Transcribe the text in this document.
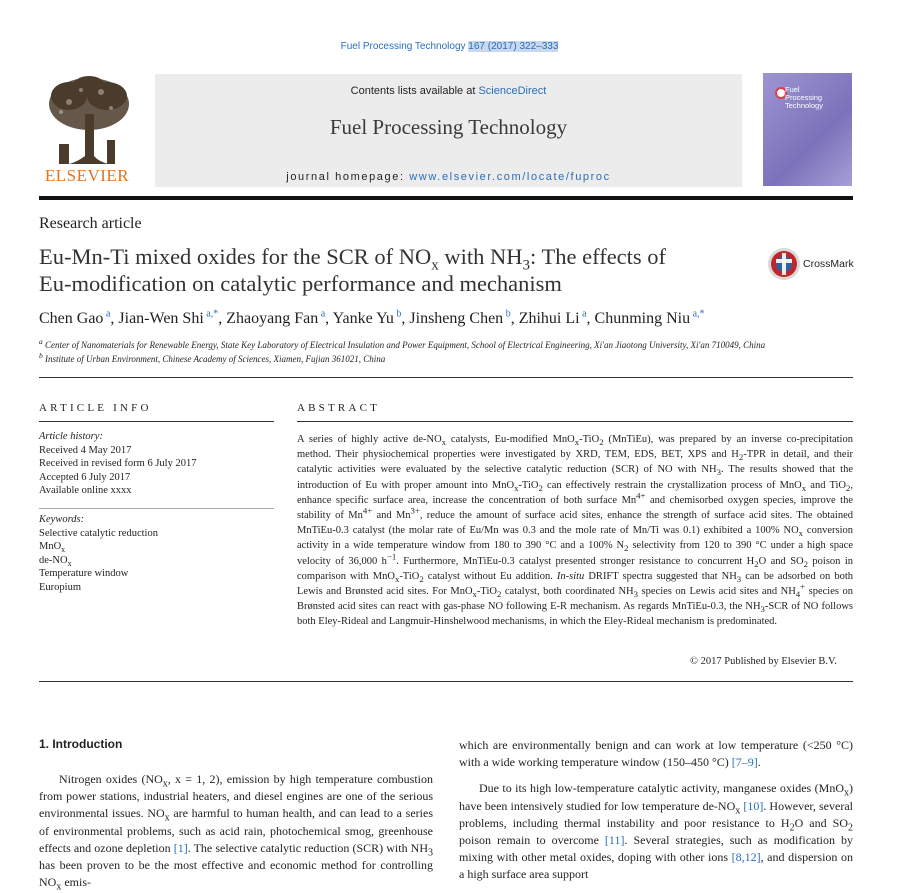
Fuel Processing Technology 167 (2017) 322–333
ELSEVIER
Contents lists available at ScienceDirect
Fuel Processing Technology
journal homepage: www.elsevier.com/locate/fuproc
Fuel
Processing
Technology
Research article
Eu-Mn-Ti mixed oxides for the SCR of $NO_x$ with $NH_3$: The effects of
Eu-modification on catalytic performance and mechanism
CrossMark
Chen Gao $^a$, Jian-Wen Shi $^{a,*}$, Zhaoyang Fan $^a$, Yanke Yu $^b$, Jinsheng Chen $^b$, Zhihui Li $^a$, Chunming Niu $^{a,*}$
$^a$ Center of Nanomaterials for Renewable Energy, State Key Laboratory of Electrical Insulation and Power Equipment, School of Electrical Engineering, Xi'an Jiaotong University, Xi'an 710049, China
$^b$ Institute of Urban Environment, Chinese Academy of Sciences, Xiamen, Fujian 361021, China
ARTICLE INFO	ABSTRACT
Article history:
Received 4 May 2017
Received in revised form 6 July 2017
Accepted 6 July 2017
Available online xxxx
Keywords:
Selective catalytic reduction
MnO$_x$
$de-NO_x$
Temperature window
Europium
A series of highly active $de-NO_x$ catalysts, Eu-modified MnO$_x$-TiO$_2$ (MnTiEu), was prepared by an inverse co-precipitation method. Their physiochemical properties were investigated by XRD, TEM, EDS, BET, XPS and $H_2$-TPR in detail, and their catalytic activities were evaluated by the selective catalytic reduction (SCR) of NO with $NH_3$. The results showed that the introduction of Eu with proper amount into MnO$_x$-TiO$_2$ can effectively restrain the crystallization process of MnO$_x$ and TiO$_2$, enhance specific surface area, increase the concentration of both surface $Mn^{4+}$ and chemisorbed oxygen species, improve the stability of $Mn^{4+}$ and $Mn^{3+}$, reduce the amount of surface acid sites, enhance the strength of surface acid sites. The obtained MnTiEu-0.3 catalyst (the molar rate of Eu/Mn was 0.3 and the mole rate of Mn/Ti was 0.1) exhibited a 100% $NO_x$ conversion activity in a wide temperature window from 180 to 390 °C and a 100% $N_2$ selectivity from 120 to 390 °C under a high space velocity of 36,000 $h^{-1}$. Furthermore, MnTiEu-0.3 catalyst presented stronger resistance to concurrent $H_2O$ and $SO_2$ poison in comparison with MnO$_x$-TiO$_2$ catalyst without Eu addition. In-situ DRIFT spectra suggested that $NH_3$ can be adsorbed on both Lewis and Brønsted acid sites. For MnO$_x$-TiO$_2$ catalyst, both coordinated $NH_3$ species on Lewis acid sites and $NH_4^+$ species on Brønsted acid sites can react with gas-phase NO following E-R mechanism. As regards MnTiEu-0.3, the $NH_3$-SCR of NO follows both Eley-Rideal and Langmuir-Hinshelwood mechanisms, in which the Eley-Rideal mechanism is predominated.
© 2017 Published by Elsevier B.V.
1. Introduction

Nitrogen oxides ($NO_x$, x = 1, 2), emission by high temperature combustion from power stations, industrial heaters, and diesel engines are one of the serious environmental issues. $NO_x$ are harmful to human health, and can lead to a series of environmental problems, such as acid rain, photochemical smog, greenhouse effects and ozone depletion [1]. The selective catalytic reduction (SCR) with $NH_3$ has been proven to be the most effective and economic method for controlling $NO_x$ emis-

which are environmentally benign and can work at low temperature (<250 °C) with a wide working temperature window (150–450 °C) [7–9].

Due to its high low-temperature catalytic activity, manganese oxides (MnO$_x$) have been intensively studied for low temperature $de-NO_x$ [10]. However, several problems, including thermal instability and poor resistance to $H_2O$ and $SO_2$ poison remain to overcome [11]. Several strategies, such as modification by mixing with other metal oxides, doping with other ions [8,12], and dispersion on a high surface area support
